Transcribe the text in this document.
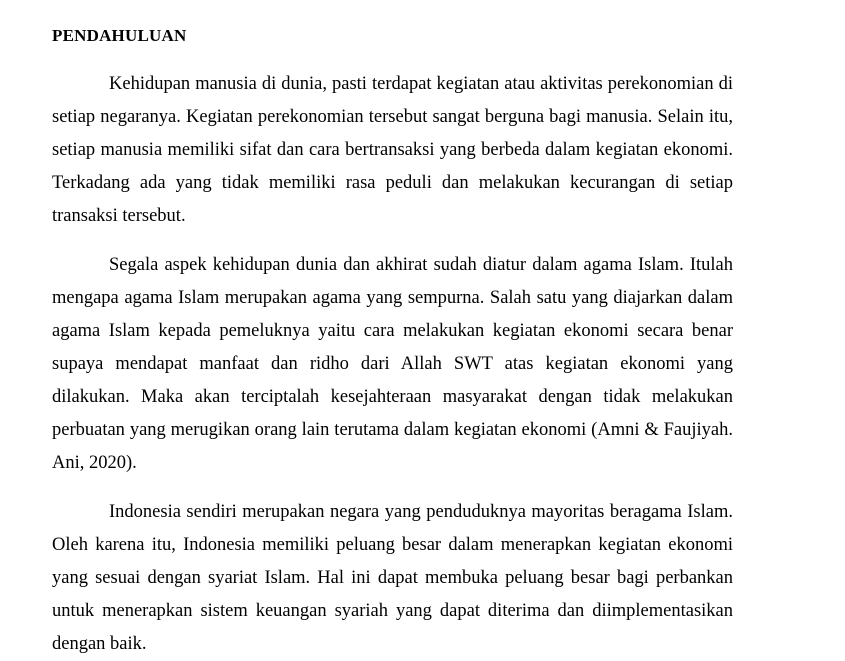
PENDAHULUAN

Kehidupan manusia di dunia, pasti terdapat kegiatan atau aktivitas perekonomian di setiap negaranya. Kegiatan perekonomian tersebut sangat berguna bagi manusia. Selain itu, setiap manusia memiliki sifat dan cara bertransaksi yang berbeda dalam kegiatan ekonomi. Terkadang ada yang tidak memiliki rasa peduli dan melakukan kecurangan di setiap transaksi tersebut.

Segala aspek kehidupan dunia dan akhirat sudah diatur dalam agama Islam. Itulah mengapa agama Islam merupakan agama yang sempurna. Salah satu yang diajarkan dalam agama Islam kepada pemeluknya yaitu cara melakukan kegiatan ekonomi secara benar supaya mendapat manfaat dan ridho dari Allah SWT atas kegiatan ekonomi yang dilakukan. Maka akan terciptalah kesejahteraan masyarakat dengan tidak melakukan perbuatan yang merugikan orang lain terutama dalam kegiatan ekonomi (Amni & Faujiyah. Ani, 2020).

Indonesia sendiri merupakan negara yang penduduknya mayoritas beragama Islam. Oleh karena itu, Indonesia memiliki peluang besar dalam menerapkan kegiatan ekonomi yang sesuai dengan syariat Islam. Hal ini dapat membuka peluang besar bagi perbankan untuk menerapkan sistem keuangan syariah yang dapat diterima dan diimplementasikan dengan baik.
